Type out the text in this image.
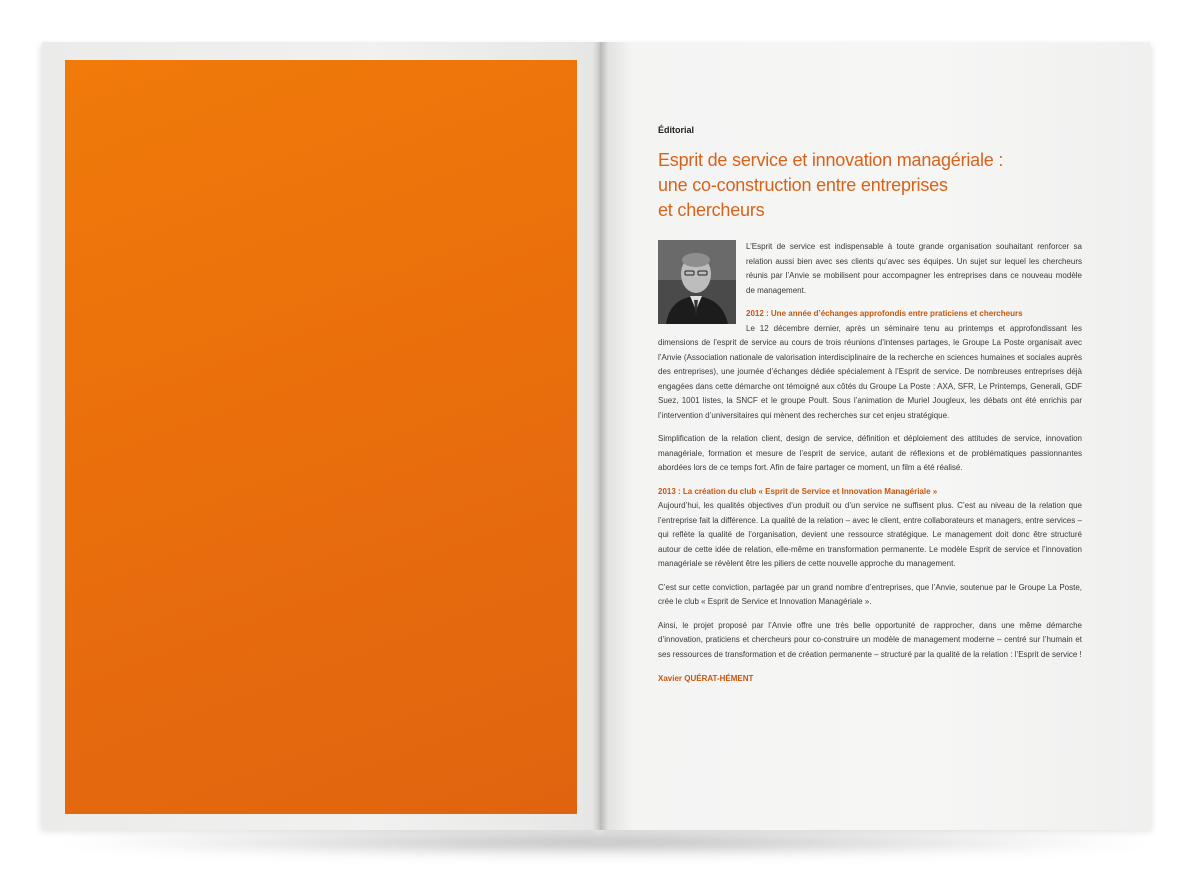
Éditorial
Esprit de service et innovation managériale :
une co-construction entre entreprises
et chercheurs

L’Esprit de service est indispensable à toute grande organisation souhaitant renforcer sa relation aussi bien avec ses clients qu’avec ses équipes. Un sujet sur lequel les chercheurs réunis par l’Anvie se mobilisent pour accompagner les entreprises dans ce nouveau modèle de management.

2012 : Une année d’échanges approfondis entre praticiens et chercheurs

Le 12 décembre dernier, après un séminaire tenu au printemps et approfondissant les dimensions de l’esprit de service au cours de trois réunions d’intenses partages, le Groupe La Poste organisait avec l’Anvie (Association nationale de valorisation interdisciplinaire de la recherche en sciences humaines et sociales auprès des entreprises), une journée d’échanges dédiée spécialement à l’Esprit de service. De nombreuses entreprises déjà engagées dans cette démarche ont témoigné aux côtés du Groupe La Poste : AXA, SFR, Le Printemps, Generali, GDF Suez, 1001 listes, la SNCF et le groupe Poult. Sous l’animation de Muriel Jougleux, les débats ont été enrichis par l’intervention d’universitaires qui mènent des recherches sur cet enjeu stratégique.

Simplification de la relation client, design de service, définition et déploiement des attitudes de service, innovation managériale, formation et mesure de l’esprit de service, autant de réflexions et de problématiques passionnantes abordées lors de ce temps fort. Afin de faire partager ce moment, un film a été réalisé.

2013 : La création du club « Esprit de Service et Innovation Managériale »

Aujourd’hui, les qualités objectives d’un produit ou d’un service ne suffisent plus. C’est au niveau de la relation que l’entreprise fait la différence. La qualité de la relation – avec le client, entre collaborateurs et managers, entre services – qui reflète la qualité de l’organisation, devient une ressource stratégique. Le management doit donc être structuré autour de cette idée de relation, elle-même en transformation permanente. Le modèle Esprit de service et l’innovation managériale se révèlent être les piliers de cette nouvelle approche du management.

C’est sur cette conviction, partagée par un grand nombre d’entreprises, que l’Anvie, soutenue par le Groupe La Poste, crée le club « Esprit de Service et Innovation Managériale ».

Ainsi, le projet proposé par l’Anvie offre une très belle opportunité de rapprocher, dans une même démarche d’innovation, praticiens et chercheurs pour co-construire un modèle de management moderne – centré sur l’humain et ses ressources de transformation et de création permanente – structuré par la qualité de la relation : l’Esprit de service !

Xavier QUÉRAT-HÉMENT
